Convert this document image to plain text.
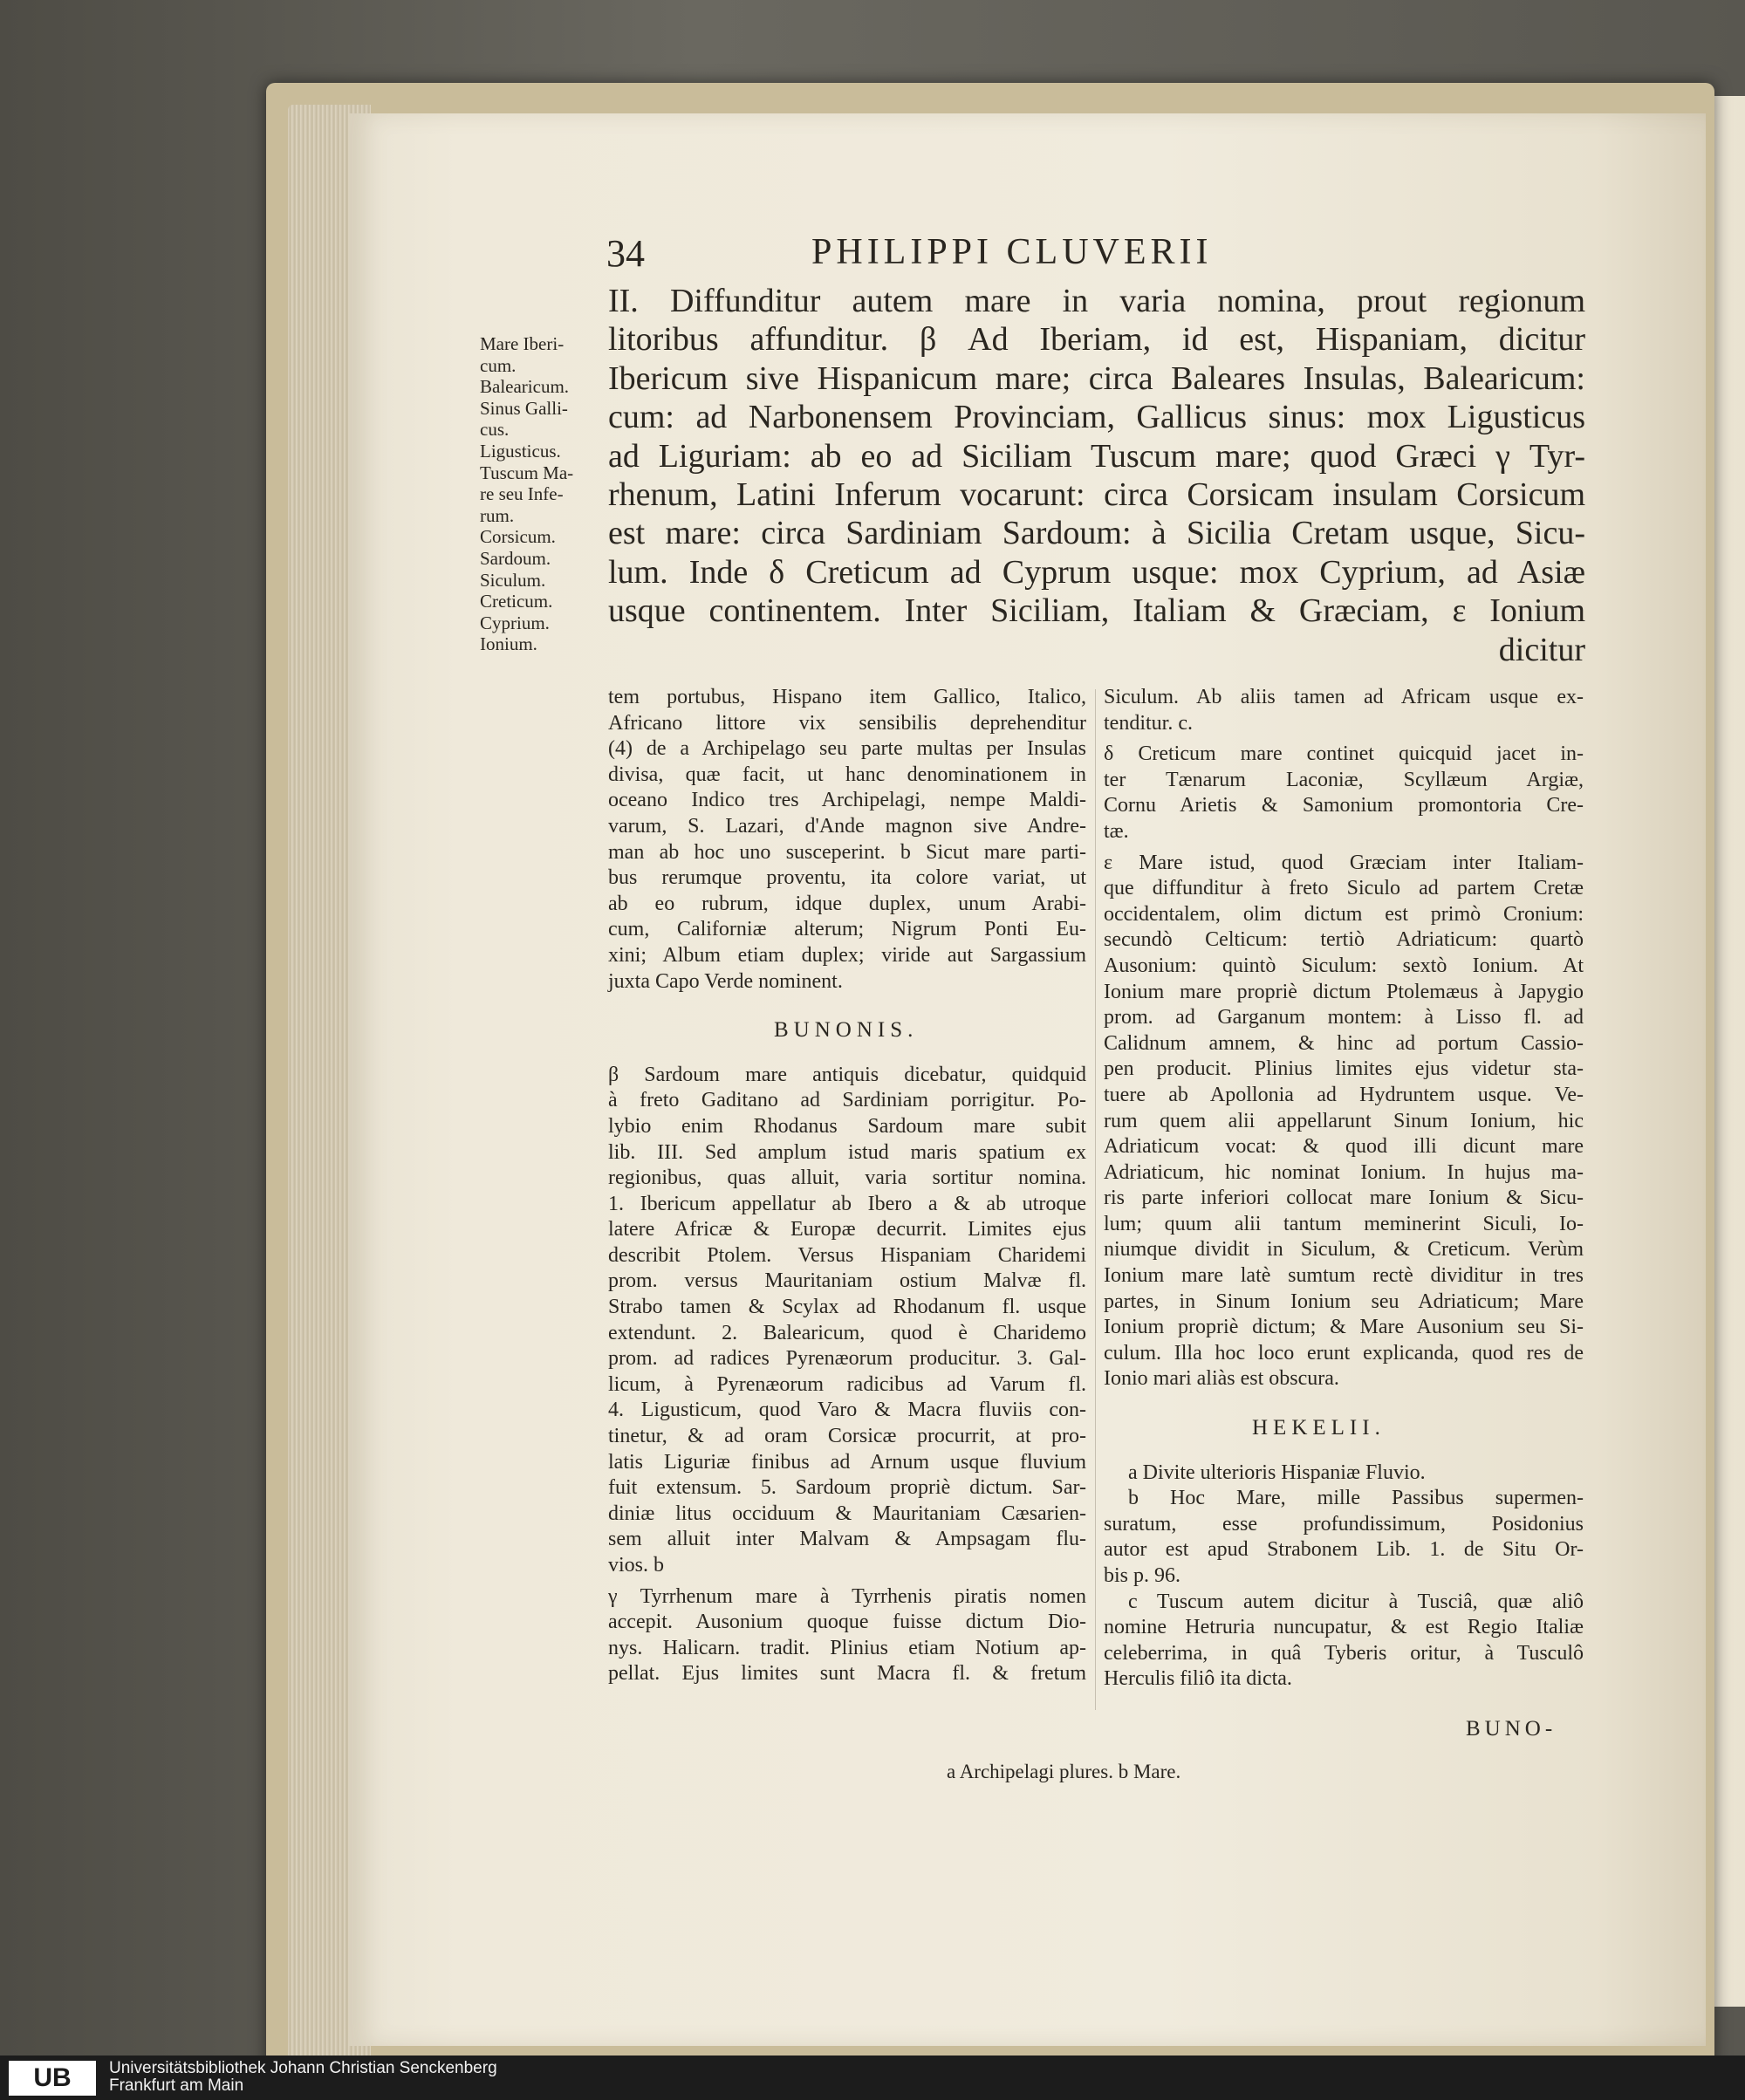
34	PHILIPPI CLUVERII
Mare Iberi-
cum.
Balearicum.
Sinus Galli-
cus.
Ligusticus.
Tuscum Ma-
re seu Infe-
rum.
Corsicum.
Sardoum.
Siculum.
Creticum.
Cyprium.
Ionium.
II. Diffunditur autem mare in varia nomina, prout regionum
litoribus affunditur. β Ad Iberiam, id est, Hispaniam, dicitur
Ibericum sive Hispanicum mare; circa Baleares Insulas, Balearicum:
cum: ad Narbonensem Provinciam, Gallicus sinus: mox Ligusticus
ad Liguriam: ab eo ad Siciliam Tuscum mare; quod Græci γ Tyr-
rhenum, Latini Inferum vocarunt: circa Corsicam insulam Corsicum
est mare: circa Sardiniam Sardoum: à Sicilia Cretam usque, Sicu-
lum. Inde δ Creticum ad Cyprum usque: mox Cyprium, ad Asiæ
usque continentem. Inter Siciliam, Italiam & Græciam, ε Ionium
dicitur
tem portubus, Hispano item Gallico, Italico,
Africano littore vix sensibilis deprehenditur
(4) de a Archipelago seu parte multas per Insulas
divisa, quæ facit, ut hanc denominationem in
oceano Indico tres Archipelagi, nempe Maldi-
varum, S. Lazari, d'Ande magnon sive Andre-
man ab hoc uno susceperint. b Sicut mare parti-
bus rerumque proventu, ita colore variat, ut
ab eo rubrum, idque duplex, unum Arabi-
cum, Californiæ alterum; Nigrum Ponti Eu-
xini; Album etiam duplex; viride aut Sargassium
juxta Capo Verde nominent.
BUNONIS.
β Sardoum mare antiquis dicebatur, quidquid
à freto Gaditano ad Sardiniam porrigitur. Po-
lybio enim Rhodanus Sardoum mare subit
lib. III. Sed amplum istud maris spatium ex
regionibus, quas alluit, varia sortitur nomina.
1. Ibericum appellatur ab Ibero a & ab utroque
latere Africæ & Europæ decurrit. Limites ejus
describit Ptolem. Versus Hispaniam Charidemi
prom. versus Mauritaniam ostium Malvæ fl.
Strabo tamen & Scylax ad Rhodanum fl. usque
extendunt. 2. Balearicum, quod è Charidemo
prom. ad radices Pyrenæorum producitur. 3. Gal-
licum, à Pyrenæorum radicibus ad Varum fl.
4. Ligusticum, quod Varo & Macra fluviis con-
tinetur, & ad oram Corsicæ procurrit, at pro-
latis Liguriæ finibus ad Arnum usque fluvium
fuit extensum. 5. Sardoum propriè dictum. Sar-
diniæ litus occiduum & Mauritaniam Cæsarien-
sem alluit inter Malvam & Ampsagam flu-
vios. b
γ Tyrrhenum mare à Tyrrhenis piratis nomen
accepit. Ausonium quoque fuisse dictum Dio-
nys. Halicarn. tradit. Plinius etiam Notium ap-
pellat. Ejus limites sunt Macra fl. & fretum
Siculum. Ab aliis tamen ad Africam usque ex-
tenditur. c.
δ Creticum mare continet quicquid jacet in-
ter Tænarum Laconiæ, Scyllæum Argiæ,
Cornu Arietis & Samonium promontoria Cre-
tæ.
ε Mare istud, quod Græciam inter Italiam-
que diffunditur à freto Siculo ad partem Cretæ
occidentalem, olim dictum est primò Cronium:
secundò Celticum: tertiò Adriaticum: quartò
Ausonium: quintò Siculum: sextò Ionium. At
Ionium mare propriè dictum Ptolemæus à Japygio
prom. ad Garganum montem: à Lisso fl. ad
Calidnum amnem, & hinc ad portum Cassio-
pen producit. Plinius limites ejus videtur sta-
tuere ab Apollonia ad Hydruntem usque. Ve-
rum quem alii appellarunt Sinum Ionium, hic
Adriaticum vocat: & quod illi dicunt mare
Adriaticum, hic nominat Ionium. In hujus ma-
ris parte inferiori collocat mare Ionium & Sicu-
lum; quum alii tantum meminerint Siculi, Io-
niumque dividit in Siculum, & Creticum. Verùm
Ionium mare latè sumtum rectè dividitur in tres
partes, in Sinum Ionium seu Adriaticum; Mare
Ionium propriè dictum; & Mare Ausonium seu Si-
culum. Illa hoc loco erunt explicanda, quod res de
Ionio mari aliàs est obscura.
HEKELII.
a Divite ulterioris Hispaniæ Fluvio.
b Hoc Mare, mille Passibus supermen-
suratum, esse profundissimum, Posidonius
autor est apud Strabonem Lib. 1. de Situ Or-
bis p. 96.
c Tuscum autem dicitur à Tusciâ, quæ aliô
nomine Hetruria nuncupatur, & est Regio Italiæ
celeberrima, in quâ Tyberis oritur, à Tusculô
Herculis filiô ita dicta.
BUNO-
a Archipelagi plures. b Mare.
UB	Universitätsbibliothek Johann Christian Senckenberg
Frankfurt am Main
